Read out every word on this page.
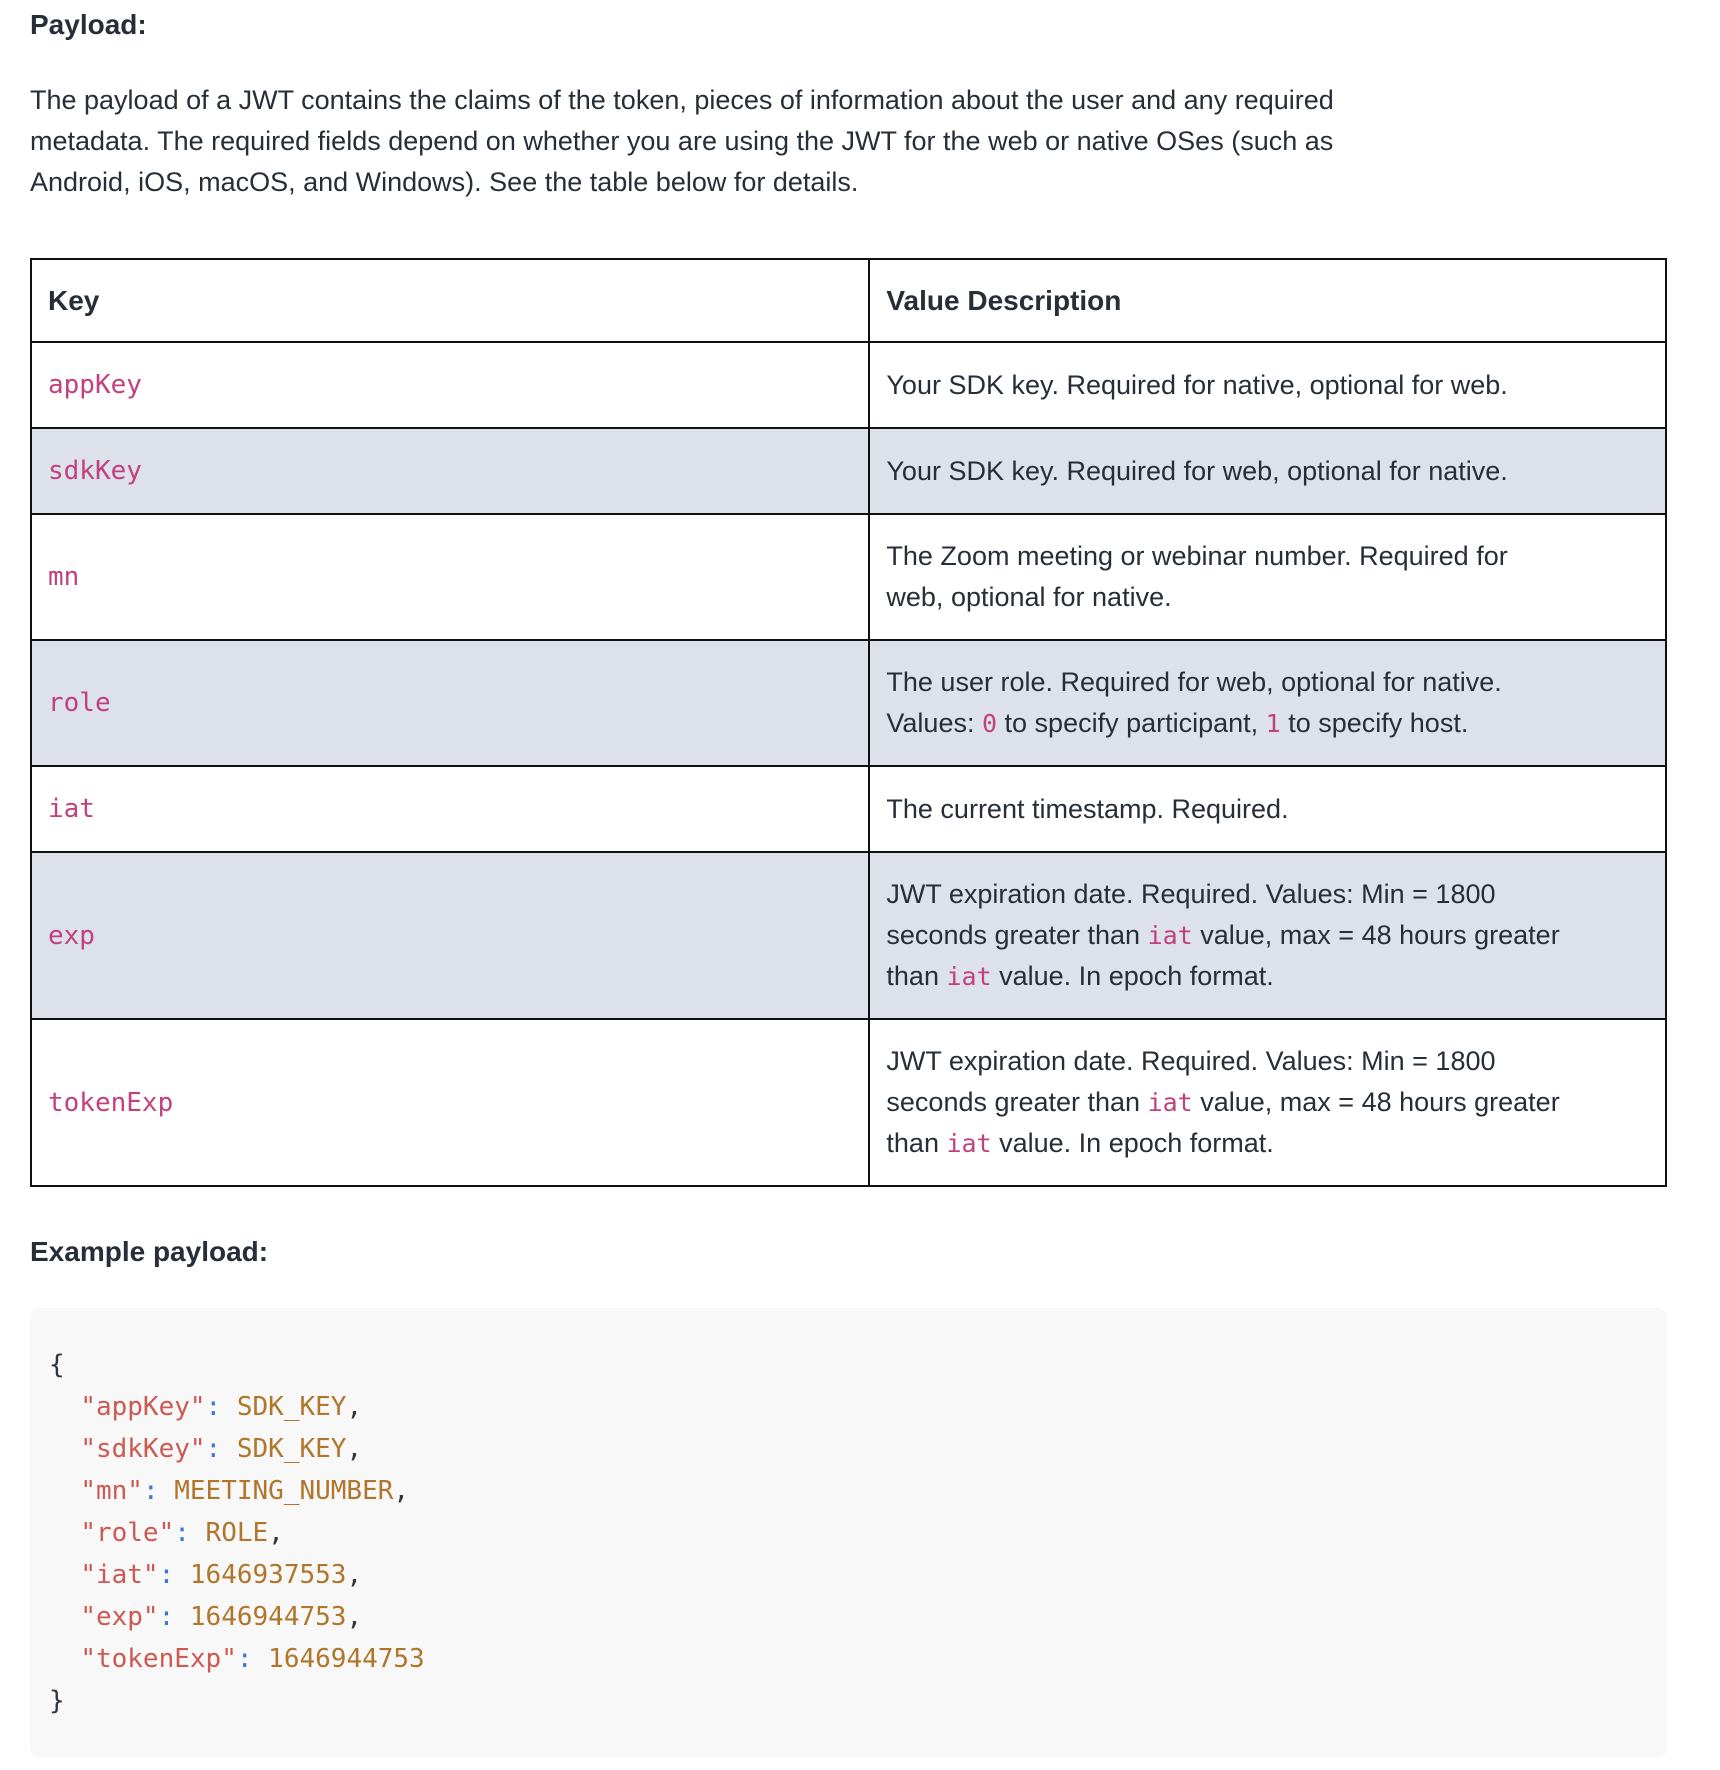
Payload:

The payload of a JWT contains the claims of the token, pieces of information about the user and any required
metadata. The required fields depend on whether you are using the JWT for the web or native OSes (such as
Android, iOS, macOS, and Windows). See the table below for details.
Key	Value Description
appKey	Your SDK key. Required for native, optional for web.

sdkKey	Your SDK key. Required for web, optional for native.

mn	The Zoom meeting or webinar number. Required for
web, optional for native.

role	The user role. Required for web, optional for native.
Values: 0 to specify participant, 1 to specify host.

iat	The current timestamp. Required.

exp	JWT expiration date. Required. Values: Min = 1800
seconds greater than iat value, max = 48 hours greater
than iat value. In epoch format.

tokenExp	JWT expiration date. Required. Values: Min = 1800
seconds greater than iat value, max = 48 hours greater
than iat value. In epoch format.

Example payload:

{
"appKey": SDK_KEY,
"sdkKey": SDK_KEY,
"mn": MEETING_NUMBER,
"role": ROLE,
"iat": 1646937553,
"exp": 1646944753,
"tokenExp": 1646944753
}
